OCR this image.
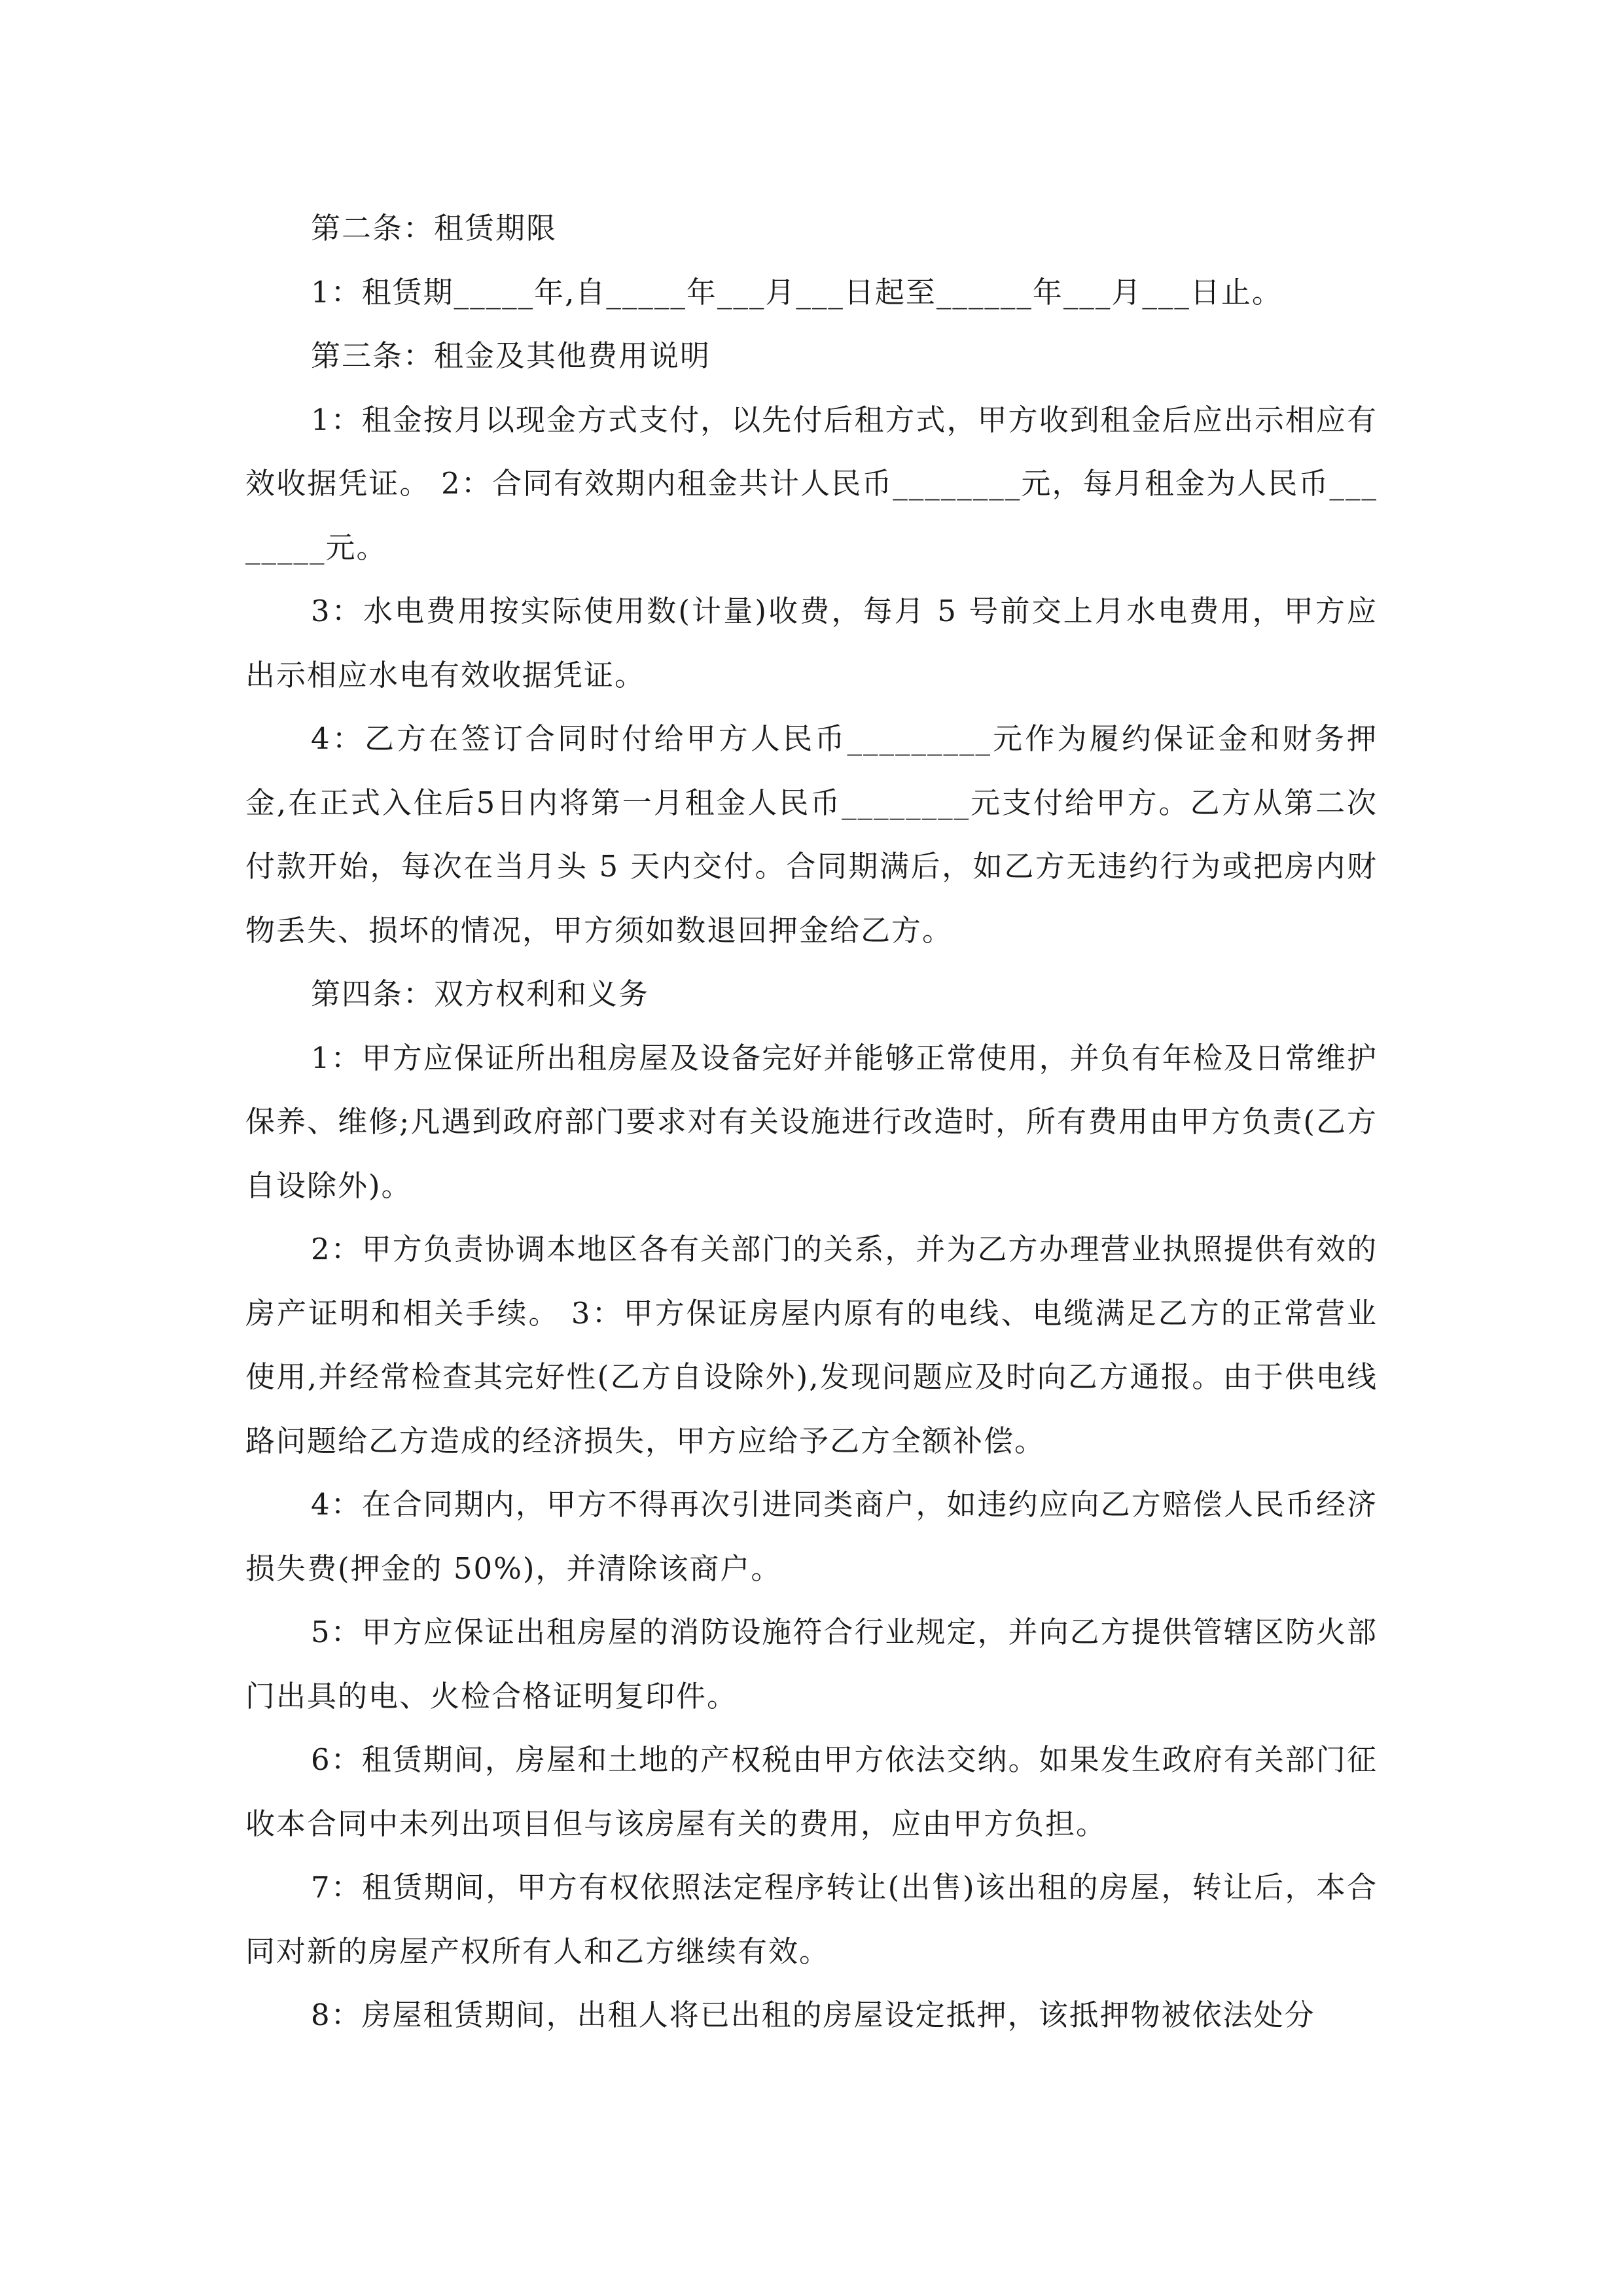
第二条：租赁期限

1：租赁期_____年,自_____年___月___日起至______年___月___日止。

第三条：租金及其他费用说明

1：租金按月以现金方式支付，以先付后租方式，甲方收到租金后应出示相应有效收据凭证。 2：合同有效期内租金共计人民币________元，每月租金为人民币________元。

3：水电费用按实际使用数(计量)收费，每月 5 号前交上月水电费用，甲方应出示相应水电有效收据凭证。

4：乙方在签订合同时付给甲方人民币_________元作为履约保证金和财务押金,在正式入住后5日内将第一月租金人民币________元支付给甲方。乙方从第二次付款开始，每次在当月头 5 天内交付。合同期满后，如乙方无违约行为或把房内财物丢失、损坏的情况，甲方须如数退回押金给乙方。

第四条：双方权利和义务

1：甲方应保证所出租房屋及设备完好并能够正常使用，并负有年检及日常维护保养、维修;凡遇到政府部门要求对有关设施进行改造时，所有费用由甲方负责(乙方自设除外)。

2：甲方负责协调本地区各有关部门的关系，并为乙方办理营业执照提供有效的房产证明和相关手续。 3：甲方保证房屋内原有的电线、电缆满足乙方的正常营业使用,并经常检查其完好性(乙方自设除外),发现问题应及时向乙方通报。由于供电线路问题给乙方造成的经济损失，甲方应给予乙方全额补偿。

4：在合同期内，甲方不得再次引进同类商户，如违约应向乙方赔偿人民币经济损失费(押金的 50%)，并清除该商户。

5：甲方应保证出租房屋的消防设施符合行业规定，并向乙方提供管辖区防火部门出具的电、火检合格证明复印件。

6：租赁期间，房屋和土地的产权税由甲方依法交纳。如果发生政府有关部门征收本合同中未列出项目但与该房屋有关的费用，应由甲方负担。

7：租赁期间，甲方有权依照法定程序转让(出售)该出租的房屋，转让后，本合同对新的房屋产权所有人和乙方继续有效。

8：房屋租赁期间，出租人将已出租的房屋设定抵押，该抵押物被依法处分
